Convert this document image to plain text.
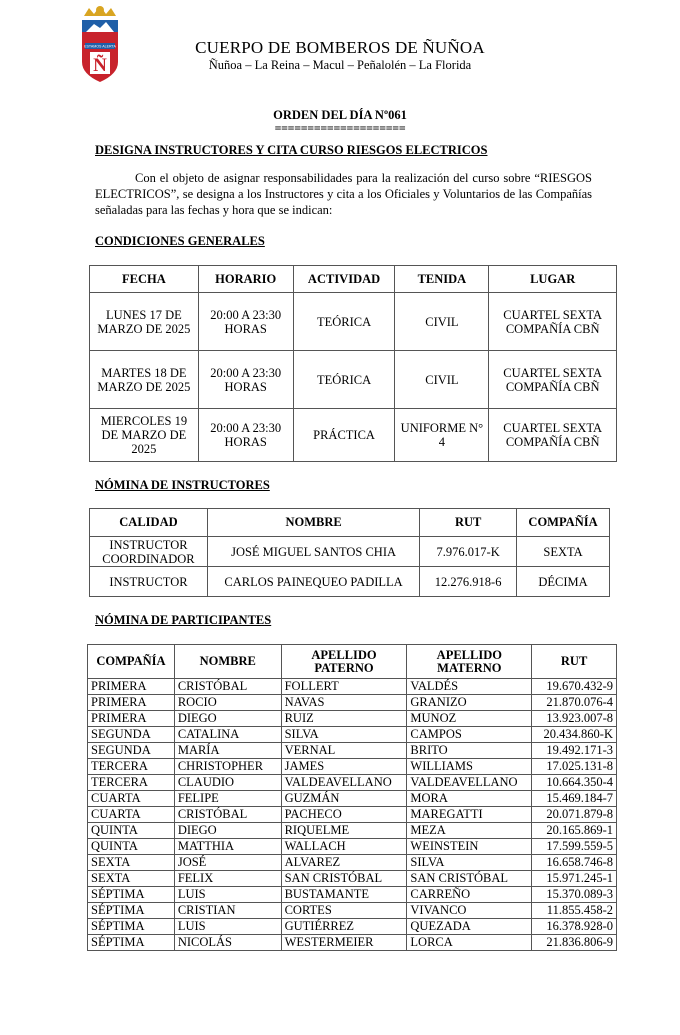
ESTAMOS ALERTA
Ñ
CUERPO DE BOMBEROS DE ÑUÑOA
Ñuñoa – La Reina – Macul – Peñalolén – La Florida
ORDEN DEL DÍA Nº061
====================
DESIGNA INSTRUCTORES Y CITA CURSO RIESGOS ELECTRICOS
Con el objeto de asignar responsabilidades para la realización del curso sobre “RIESGOS ELECTRICOS”, se designa a los Instructores y cita a los Oficiales y Voluntarios de las Compañías señaladas para las fechas y hora que se indican:
CONDICIONES GENERALES
FECHA	HORARIO	ACTIVIDAD	TENIDA	LUGAR
LUNES 17 DE MARZO DE 2025	20:00 A 23:30 HORAS	TEÓRICA	CIVIL	CUARTEL SEXTA COMPAÑÍA CBÑ
MARTES 18 DE MARZO DE 2025	20:00 A 23:30 HORAS	TEÓRICA	CIVIL	CUARTEL SEXTA COMPAÑÍA CBÑ
MIERCOLES 19 DE MARZO DE 2025	20:00 A 23:30 HORAS	PRÁCTICA	UNIFORME N° 4	CUARTEL SEXTA COMPAÑÍA CBÑ
NÓMINA DE INSTRUCTORES
CALIDAD	NOMBRE	RUT	COMPAÑÍA
INSTRUCTOR COORDINADOR	JOSÉ MIGUEL SANTOS CHIA	7.976.017-K	SEXTA
INSTRUCTOR	CARLOS PAINEQUEO PADILLA	12.276.918-6	DÉCIMA
NÓMINA DE PARTICIPANTES
COMPAÑÍA	NOMBRE	APELLIDO PATERNO	APELLIDO MATERNO	RUT
PRIMERA	CRISTÓBAL	FOLLERT	VALDÉS	19.670.432-9
PRIMERA	ROCIO	NAVAS	GRANIZO	21.870.076-4
PRIMERA	DIEGO	RUIZ	MUNOZ	13.923.007-8
SEGUNDA	CATALINA	SILVA	CAMPOS	20.434.860-K
SEGUNDA	MARÍA	VERNAL	BRITO	19.492.171-3
TERCERA	CHRISTOPHER	JAMES	WILLIAMS	17.025.131-8
TERCERA	CLAUDIO	VALDEAVELLANO	VALDEAVELLANO	10.664.350-4
CUARTA	FELIPE	GUZMÁN	MORA	15.469.184-7
CUARTA	CRISTÓBAL	PACHECO	MAREGATTI	20.071.879-8
QUINTA	DIEGO	RIQUELME	MEZA	20.165.869-1
QUINTA	MATTHIA	WALLACH	WEINSTEIN	17.599.559-5
SEXTA	JOSÉ	ALVAREZ	SILVA	16.658.746-8
SEXTA	FELIX	SAN CRISTÓBAL	SAN CRISTÓBAL	15.971.245-1
SÉPTIMA	LUIS	BUSTAMANTE	CARREÑO	15.370.089-3
SÉPTIMA	CRISTIAN	CORTES	VIVANCO	11.855.458-2
SÉPTIMA	LUIS	GUTIÉRREZ	QUEZADA	16.378.928-0
SÉPTIMA	NICOLÁS	WESTERMEIER	LORCA	21.836.806-9
